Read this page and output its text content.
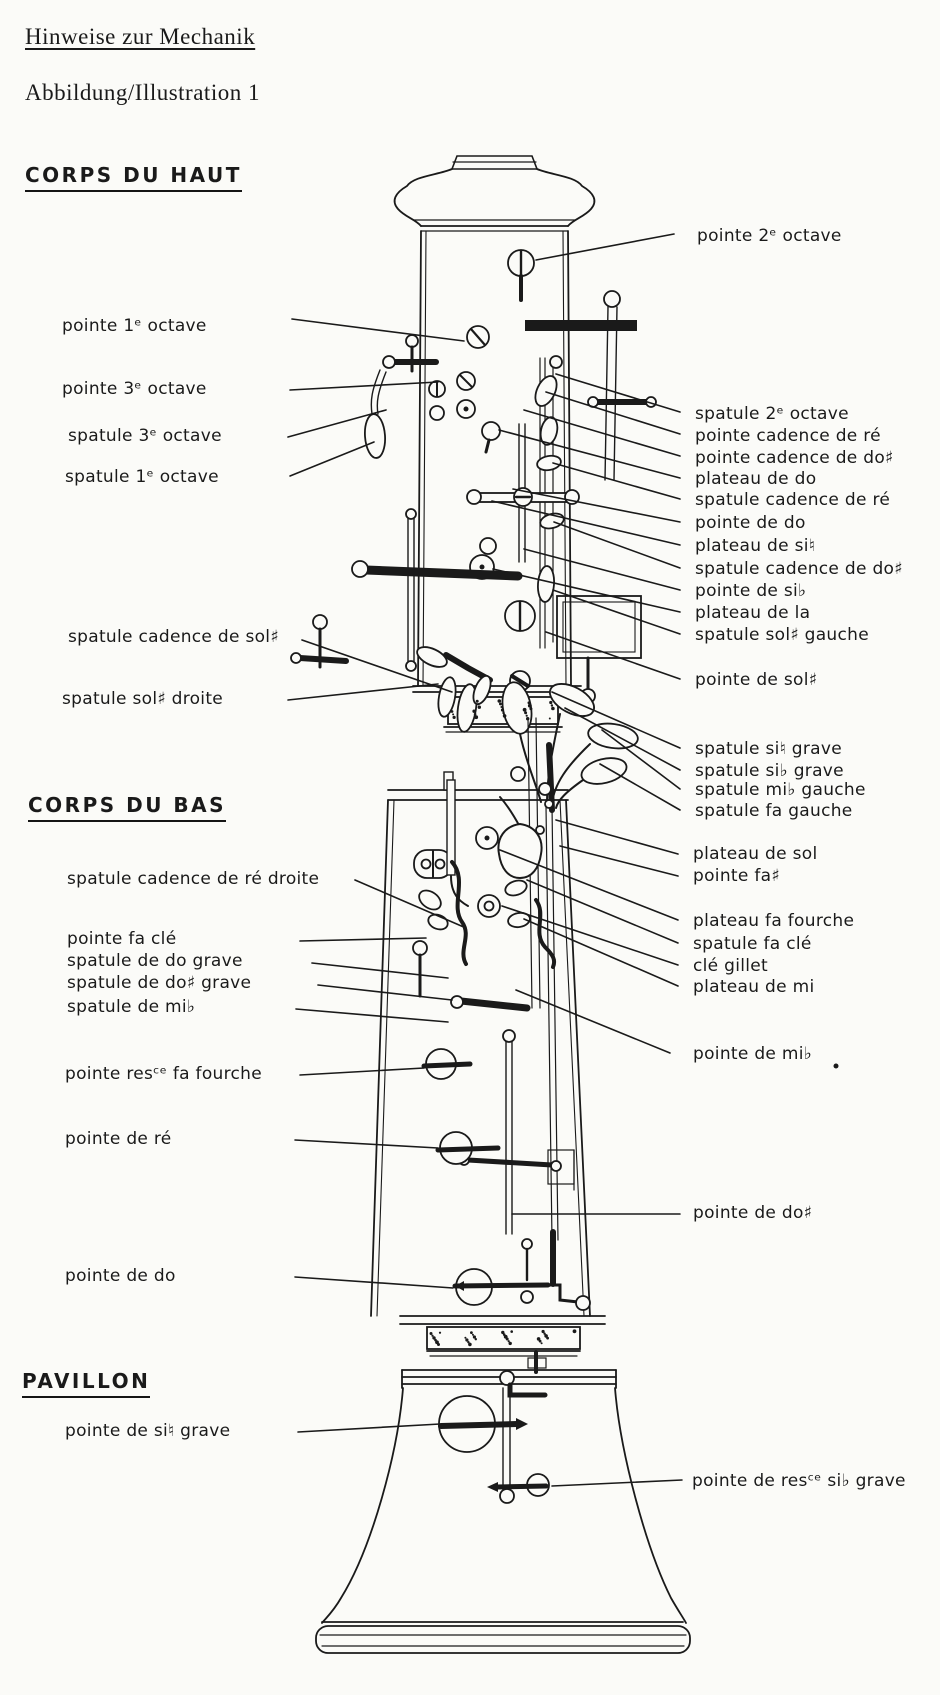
Hinweise zur Mechanik
Abbildung/Illustration 1
CORPS DU HAUT
CORPS DU BAS
PAVILLON
pointe 1ᵉ octave
pointe 3ᵉ octave
spatule 3ᵉ octave
spatule 1ᵉ octave
spatule cadence de sol♯
spatule sol♯ droite
pointe 2ᵉ octave
spatule 2ᵉ octave
pointe cadence de ré
pointe cadence de do♯
plateau de do
spatule cadence de ré
pointe de do
plateau de si♮
spatule cadence de do♯
pointe de si♭
plateau de la
spatule sol♯ gauche
pointe de sol♯
spatule si♮ grave
spatule si♭ grave
spatule mi♭ gauche
spatule fa gauche
plateau de sol
pointe fa♯
plateau fa fourche
spatule fa clé
clé gillet
plateau de mi
pointe de mi♭
pointe de do♯
spatule cadence de ré droite
pointe fa clé
spatule de do grave
spatule de do♯ grave
spatule de mi♭
pointe resᶜᵉ fa fourche
pointe de ré
pointe de do
pointe de si♮ grave
pointe de resᶜᵉ si♭ grave
